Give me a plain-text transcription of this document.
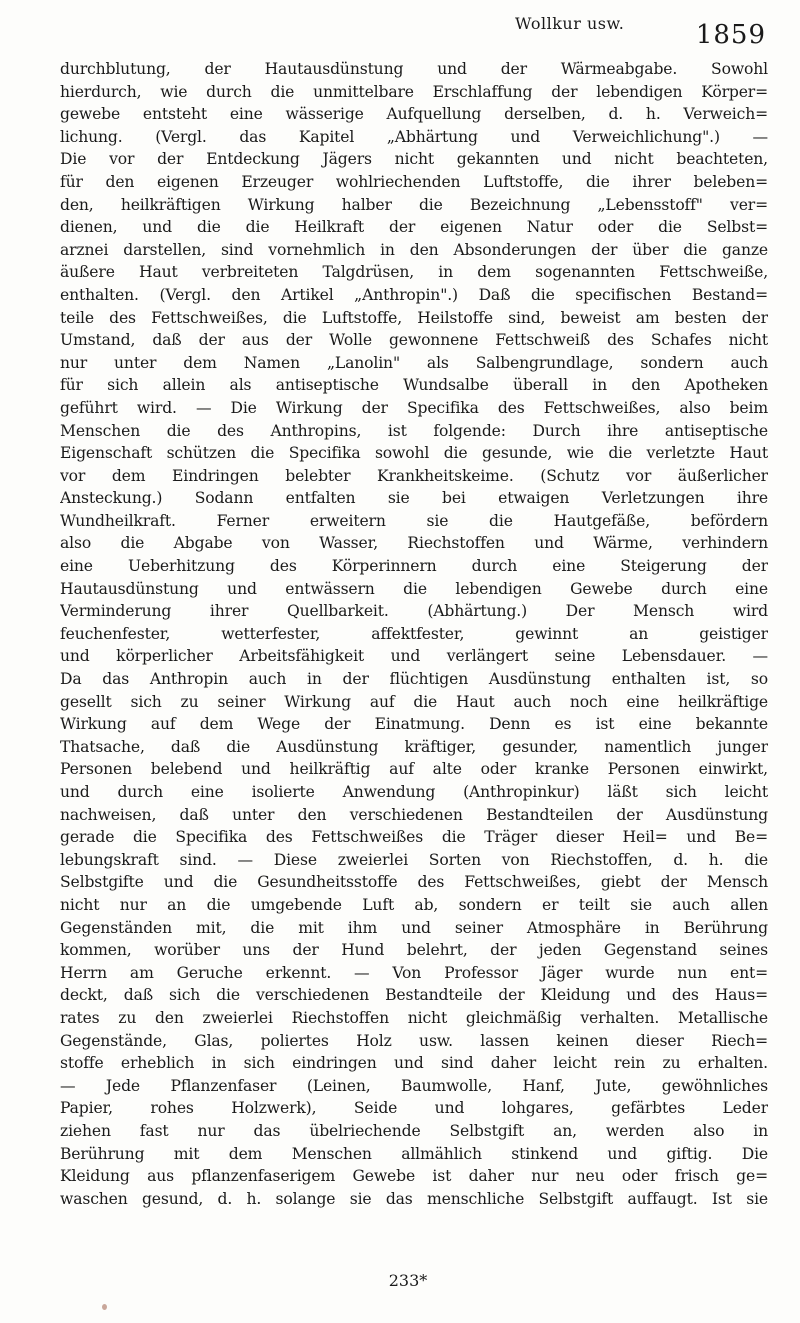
Wollkur usw.	1859
durchblutung, der Hautausdünstung und der Wärmeabgabe. Sowohl
hierdurch, wie durch die unmittelbare Erschlaffung der lebendigen Körper=
gewebe entsteht eine wässerige Aufquellung derselben, d. h. Verweich=
lichung. (Vergl. das Kapitel „Abhärtung und Verweichlichung".) —
Die vor der Entdeckung Jägers nicht gekannten und nicht beachteten,
für den eigenen Erzeuger wohlriechenden Luftstoffe, die ihrer beleben=
den, heilkräftigen Wirkung halber die Bezeichnung „Lebensstoff" ver=
dienen, und die die Heilkraft der eigenen Natur oder die Selbst=
arznei darstellen, sind vornehmlich in den Absonderungen der über die ganze
äußere Haut verbreiteten Talgdrüsen, in dem sogenannten Fettschweiße,
enthalten. (Vergl. den Artikel „Anthropin".) Daß die specifischen Bestand=
teile des Fettschweißes, die Luftstoffe, Heilstoffe sind, beweist am besten der
Umstand, daß der aus der Wolle gewonnene Fettschweiß des Schafes nicht
nur unter dem Namen „Lanolin" als Salbengrundlage, sondern auch
für sich allein als antiseptische Wundsalbe überall in den Apotheken
geführt wird. — Die Wirkung der Specifika des Fettschweißes, also beim
Menschen die des Anthropins, ist folgende: Durch ihre antiseptische
Eigenschaft schützen die Specifika sowohl die gesunde, wie die verletzte Haut
vor dem Eindringen belebter Krankheitskeime. (Schutz vor äußerlicher
Ansteckung.) Sodann entfalten sie bei etwaigen Verletzungen ihre
Wundheilkraft. Ferner erweitern sie die Hautgefäße, befördern
also die Abgabe von Wasser, Riechstoffen und Wärme, verhindern
eine Ueberhitzung des Körperinnern durch eine Steigerung der
Hautausdünstung und entwässern die lebendigen Gewebe durch eine
Verminderung ihrer Quellbarkeit. (Abhärtung.) Der Mensch wird
feuchenfester, wetterfester, affektfester, gewinnt an geistiger
und körperlicher Arbeitsfähigkeit und verlängert seine Lebensdauer. —
Da das Anthropin auch in der flüchtigen Ausdünstung enthalten ist, so
gesellt sich zu seiner Wirkung auf die Haut auch noch eine heilkräftige
Wirkung auf dem Wege der Einatmung. Denn es ist eine bekannte
Thatsache, daß die Ausdünstung kräftiger, gesunder, namentlich junger
Personen belebend und heilkräftig auf alte oder kranke Personen einwirkt,
und durch eine isolierte Anwendung (Anthropinkur) läßt sich leicht
nachweisen, daß unter den verschiedenen Bestandteilen der Ausdünstung
gerade die Specifika des Fettschweißes die Träger dieser Heil= und Be=
lebungskraft sind. — Diese zweierlei Sorten von Riechstoffen, d. h. die
Selbstgifte und die Gesundheitsstoffe des Fettschweißes, giebt der Mensch
nicht nur an die umgebende Luft ab, sondern er teilt sie auch allen
Gegenständen mit, die mit ihm und seiner Atmosphäre in Berührung
kommen, worüber uns der Hund belehrt, der jeden Gegenstand seines
Herrn am Geruche erkennt. — Von Professor Jäger wurde nun ent=
deckt, daß sich die verschiedenen Bestandteile der Kleidung und des Haus=
rates zu den zweierlei Riechstoffen nicht gleichmäßig verhalten. Metallische
Gegenstände, Glas, poliertes Holz usw. lassen keinen dieser Riech=
stoffe erheblich in sich eindringen und sind daher leicht rein zu erhalten.
— Jede Pflanzenfaser (Leinen, Baumwolle, Hanf, Jute, gewöhnliches
Papier, rohes Holzwerk), Seide und lohgares, gefärbtes Leder
ziehen fast nur das übelriechende Selbstgift an, werden also in
Berührung mit dem Menschen allmählich stinkend und giftig. Die
Kleidung aus pflanzenfaserigem Gewebe ist daher nur neu oder frisch ge=
waschen gesund, d. h. solange sie das menschliche Selbstgift auffaugt. Ist sie
233*
